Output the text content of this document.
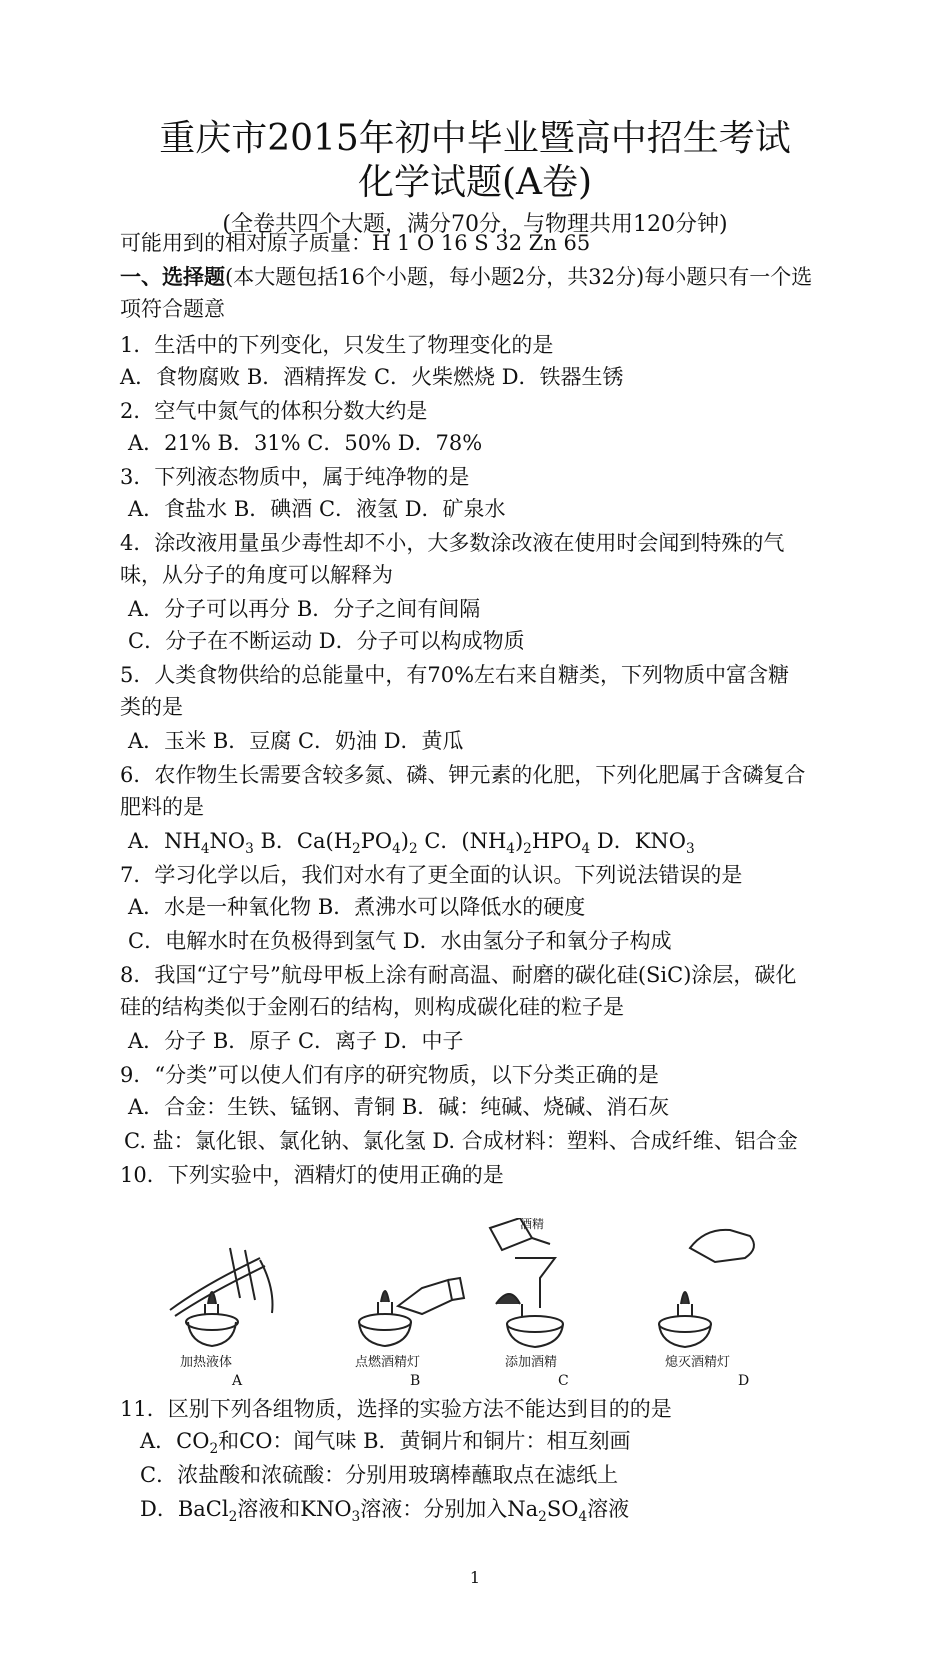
重庆市2015年初中毕业暨高中招生考试
化学试题(A卷)
(全卷共四个大题，满分70分，与物理共用120分钟)
可能用到的相对原子质量：H 1 O 16 S 32 Zn 65
一、选择题(本大题包括16个小题，每小题2分，共32分)每小题只有一个选
项符合题意
1．生活中的下列变化，只发生了物理变化的是
A．食物腐败 B．酒精挥发 C．火柴燃烧 D．铁器生锈
2．空气中氮气的体积分数大约是
A．21% B．31% C．50% D．78%
3．下列液态物质中，属于纯净物的是
A．食盐水 B．碘酒 C．液氢 D．矿泉水
4．涂改液用量虽少毒性却不小，大多数涂改液在使用时会闻到特殊的气
味，从分子的角度可以解释为
A．分子可以再分 B．分子之间有间隔
C．分子在不断运动 D．分子可以构成物质
5．人类食物供给的总能量中，有70%左右来自糖类，下列物质中富含糖
类的是
A．玉米 B．豆腐 C．奶油 D．黄瓜
6．农作物生长需要含较多氮、磷、钾元素的化肥，下列化肥属于含磷复合
肥料的是
A．$NH_4NO_3$ B．$Ca(H_2PO_4)_2$ C．$(NH_4)_2HPO_4$ D．$KNO_3$
7．学习化学以后，我们对水有了更全面的认识。下列说法错误的是
A．水是一种氧化物 B．煮沸水可以降低水的硬度
C．电解水时在负极得到氢气 D．水由氢分子和氧分子构成
8．我国“辽宁号”航母甲板上涂有耐高温、耐磨的碳化硅(SiC)涂层，碳化
硅的结构类似于金刚石的结构，则构成碳化硅的粒子是
A．分子 B．原子 C．离子 D．中子
9．“分类”可以使人们有序的研究物质，以下分类正确的是
A．合金：生铁、锰钢、青铜 B．碱：纯碱、烧碱、消石灰
C. 盐：氯化银、氯化钠、氯化氢 D. 合成材料：塑料、合成纤维、铝合金
10．下列实验中，酒精灯的使用正确的是
酒精
加热液体	点燃酒精灯	添加酒精	熄灭酒精灯
A	B	C	D
11．区别下列各组物质，选择的实验方法不能达到目的的是
A．$CO_2$和CO：闻气味 B．黄铜片和铜片：相互刻画
C．浓盐酸和浓硫酸：分别用玻璃棒蘸取点在滤纸上
D．BaCl$_2$溶液和$KNO_3$溶液：分别加入$Na_2SO_4$溶液
1
